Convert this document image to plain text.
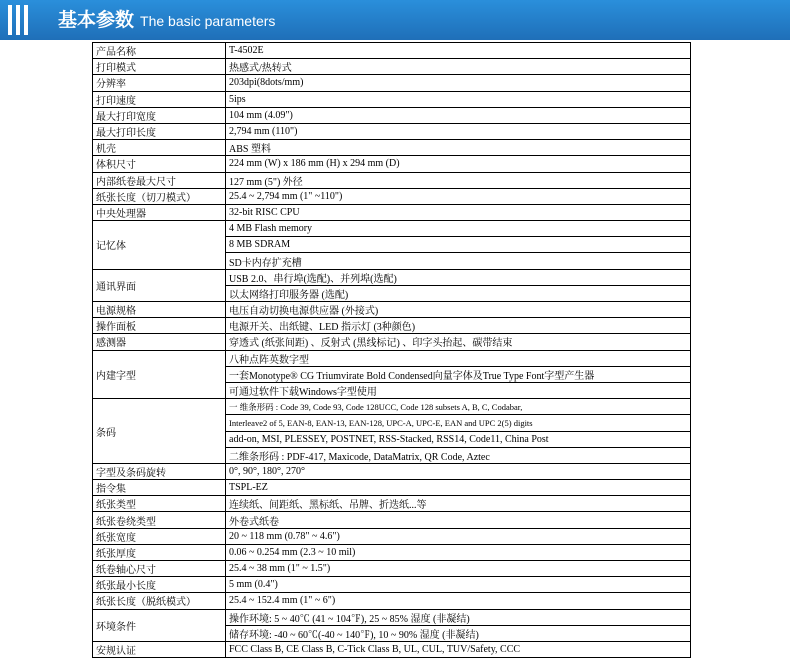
基本参数 The basic parameters
产品名称	T-4502E
打印模式	热感式/热转式
分辨率	203dpi(8dots/mm)
打印速度	5ips
最大打印宽度	104 mm (4.09")
最大打印长度	2,794 mm (110")
机壳	ABS 塑料
体积尺寸	224 mm (W) x 186 mm (H) x 294 mm (D)
内部纸卷最大尺寸	127 mm (5") 外径
纸张长度（切刀模式）	25.4 ~ 2,794 mm (1" ~110")
中央处理器	32-bit RISC CPU
记忆体	4 MB Flash memory
	8 MB SDRAM
	SD卡内存扩充槽
通讯界面	USB 2.0、串行埠(选配)、并列埠(选配)
	以太网络打印服务器 (选配)
电源规格	电压自动切换电源供应器 (外接式)
操作面板	电源开关、出纸键、LED 指示灯 (3种颜色)
感测器	穿透式 (纸张间距) 、反射式 (黑线标记) 、印字头抬起、碳带结束
内建字型	八种点阵英数字型
	一套Monotype® CG Triumvirate Bold Condensed向量字体及True Type Font字型产生器
	可通过软件下载Windows字型使用
条码	一 维条形码 : Code 39, Code 93, Code 128UCC, Code 128 subsets A, B, C, Codabar,
	Interleave2 of 5, EAN-8, EAN-13, EAN-128, UPC-A, UPC-E, EAN and UPC 2(5) digits
	add-on, MSI, PLESSEY, POSTNET, RSS-Stacked, RSS14, Code11, China Post
	二维条形码 : PDF-417, Maxicode, DataMatrix, QR Code, Aztec
字型及条码旋转	0°, 90°, 180°, 270°
指令集	TSPL-EZ
纸张类型	连续纸、间距纸、黑标纸、吊牌、折迭纸...等
纸张卷绕类型	外卷式纸卷
纸张宽度	20 ~ 118 mm (0.78" ~ 4.6")
纸张厚度	0.06 ~ 0.254 mm (2.3 ~ 10 mil)
纸卷轴心尺寸	25.4 ~ 38 mm (1" ~ 1.5")
纸张最小长度	5 mm (0.4")
纸张长度（脱纸模式）	25.4 ~ 152.4 mm (1" ~ 6")
环境条件	操作环境: 5 ~ 40℃ (41 ~ 104℉), 25 ~ 85% 湿度 (非凝结)
	储存环境: -40 ~ 60℃(-40 ~ 140℉), 10 ~ 90% 湿度 (非凝结)
安规认证	FCC Class B, CE Class B, C-Tick Class B, UL, CUL, TUV/Safety, CCC
